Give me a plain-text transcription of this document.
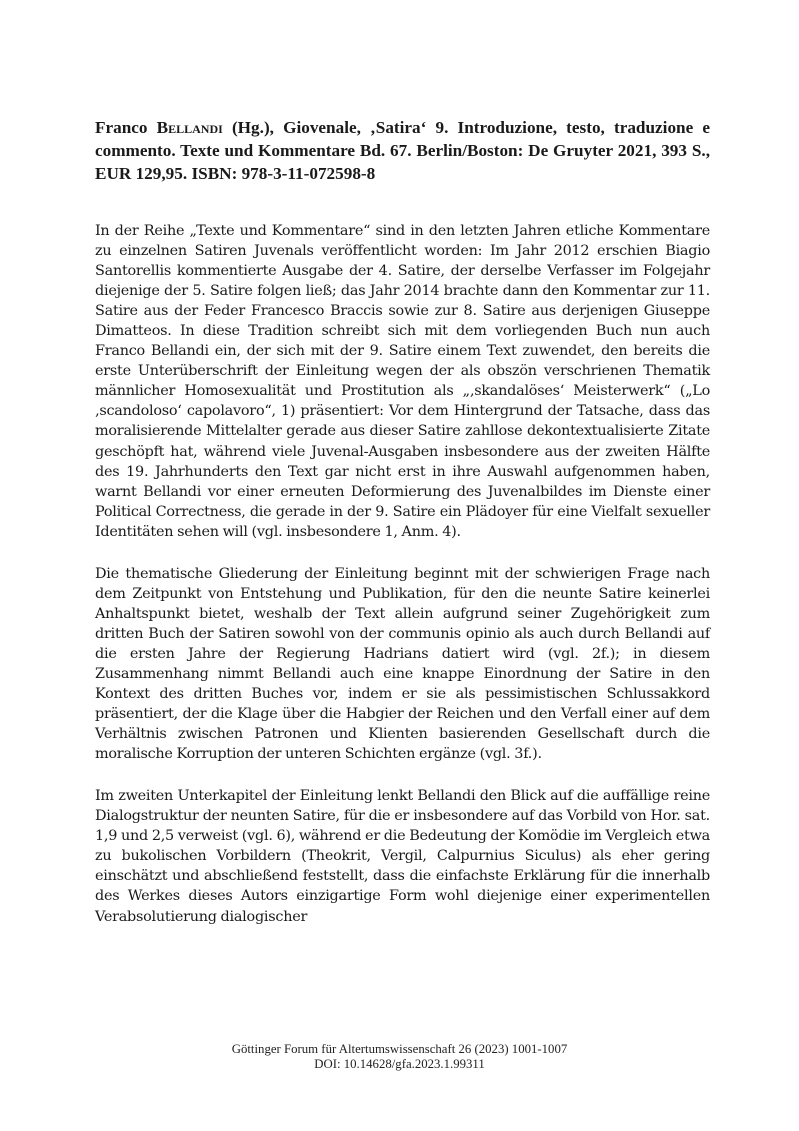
Franco Bellandi (Hg.), Giovenale, ‚Satira‘ 9. Introduzione, testo, traduzione e commento. Texte und Kommentare Bd. 67. Berlin/Boston: De Gruyter 2021, 393 S., EUR 129,95. ISBN: 978-3-11-072598-8

In der Reihe „Texte und Kommentare“ sind in den letzten Jahren etliche Kommentare zu einzelnen Satiren Juvenals veröffentlicht worden: Im Jahr 2012 erschien Biagio Santorellis kommentierte Ausgabe der 4. Satire, der derselbe Verfasser im Folgejahr diejenige der 5. Satire folgen ließ; das Jahr 2014 brachte dann den Kommentar zur 11. Satire aus der Feder Francesco Braccis sowie zur 8. Satire aus derjenigen Giuseppe Dimatteos. In diese Tradition schreibt sich mit dem vorliegenden Buch nun auch Franco Bellandi ein, der sich mit der 9. Satire einem Text zuwendet, den bereits die erste Unterüberschrift der Einleitung wegen der als obszön verschrienen Thematik männlicher Homosexualität und Prostitution als „‚skandalöses‘ Meisterwerk“ („Lo ‚scandoloso‘ capolavoro“, 1) präsentiert: Vor dem Hintergrund der Tatsache, dass das moralisierende Mittelalter gerade aus dieser Satire zahllose dekontextualisierte Zitate geschöpft hat, während viele Juvenal-Ausgaben insbesondere aus der zweiten Hälfte des 19. Jahrhunderts den Text gar nicht erst in ihre Auswahl aufgenommen haben, warnt Bellandi vor einer erneuten Deformierung des Juvenalbildes im Dienste einer Political Correctness, die gerade in der 9. Satire ein Plädoyer für eine Vielfalt sexueller Identitäten sehen will (vgl. insbesondere 1, Anm. 4).

Die thematische Gliederung der Einleitung beginnt mit der schwierigen Frage nach dem Zeitpunkt von Entstehung und Publikation, für den die neunte Satire keinerlei Anhaltspunkt bietet, weshalb der Text allein aufgrund seiner Zugehörigkeit zum dritten Buch der Satiren sowohl von der communis opinio als auch durch Bellandi auf die ersten Jahre der Regierung Hadrians datiert wird (vgl. 2f.); in diesem Zusammenhang nimmt Bellandi auch eine knappe Einordnung der Satire in den Kontext des dritten Buches vor, indem er sie als pessimistischen Schlussakkord präsentiert, der die Klage über die Habgier der Reichen und den Verfall einer auf dem Verhältnis zwischen Patronen und Klienten basierenden Gesellschaft durch die moralische Korruption der unteren Schichten ergänze (vgl. 3f.).

Im zweiten Unterkapitel der Einleitung lenkt Bellandi den Blick auf die auffällige reine Dialogstruktur der neunten Satire, für die er insbesondere auf das Vorbild von Hor. sat. 1,9 und 2,5 verweist (vgl. 6), während er die Bedeutung der Komödie im Vergleich etwa zu bukolischen Vorbildern (Theokrit, Vergil, Calpurnius Siculus) als eher gering einschätzt und abschließend feststellt, dass die einfachste Erklärung für die innerhalb des Werkes dieses Autors einzigartige Form wohl diejenige einer experimentellen Verabsolutierung dialogischer

Göttinger Forum für Altertumswissenschaft 26 (2023) 1001-1007
DOI: 10.14628/gfa.2023.1.99311
